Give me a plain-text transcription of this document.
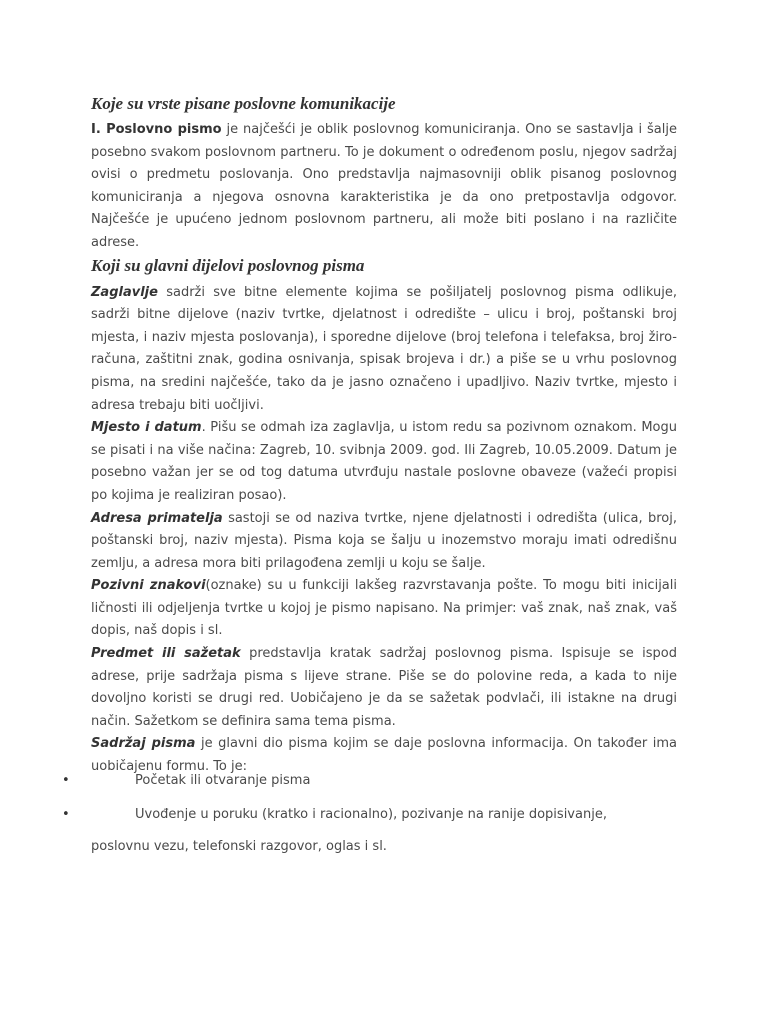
Koje su vrste pisane poslovne komunikacije

I. Poslovno pismo je najčešći je oblik poslovnog komuniciranja. Ono se sastavlja i šalje posebno svakom poslovnom partneru. To je dokument o određenom poslu, njegov sadržaj ovisi o predmetu poslovanja. Ono predstavlja najmasovniji oblik pisanog poslovnog komuniciranja a njegova osnovna karakteristika je da ono pretpostavlja odgovor. Najčešće je upućeno jednom poslovnom partneru, ali može biti poslano i na različite adrese.

Koji su glavni dijelovi poslovnog pisma

Zaglavlje sadrži sve bitne elemente kojima se pošiljatelj poslovnog pisma odlikuje, sadrži bitne dijelove (naziv tvrtke, djelatnost i odredište – ulicu i broj, poštanski broj mjesta, i naziv mjesta poslovanja), i sporedne dijelove (broj telefona i telefaksa, broj žiro-računa, zaštitni znak, godina osnivanja, spisak brojeva i dr.) a piše se u vrhu poslovnog pisma, na sredini najčešće, tako da je jasno označeno i upadljivo. Naziv tvrtke, mjesto i adresa trebaju biti uočljivi.

Mjesto i datum. Pišu se odmah iza zaglavlja, u istom redu sa pozivnom oznakom. Mogu se pisati i na više načina: Zagreb, 10. svibnja 2009. god. Ili Zagreb, 10.05.2009. Datum je posebno važan jer se od tog datuma utvrđuju nastale poslovne obaveze (važeći propisi po kojima je realiziran posao).

Adresa primatelja sastoji se od naziva tvrtke, njene djelatnosti i odredišta (ulica, broj, poštanski broj, naziv mjesta). Pisma koja se šalju u inozemstvo moraju imati odredišnu zemlju, a adresa mora biti prilagođena zemlji u koju se šalje.

Pozivni znakovi(oznake) su u funkciji lakšeg razvrstavanja pošte. To mogu biti inicijali ličnosti ili odjeljenja tvrtke u kojoj je pismo napisano. Na primjer: vaš znak, naš znak, vaš dopis, naš dopis i sl.

Predmet ili sažetak predstavlja kratak sadržaj poslovnog pisma. Ispisuje se ispod adrese, prije sadržaja pisma s lijeve strane. Piše se do polovine reda, a kada to nije dovoljno koristi se drugi red. Uobičajeno je da se sažetak podvlači, ili istakne na drugi način. Sažetkom se definira sama tema pisma.

Sadržaj pisma je glavni dio pisma kojim se daje poslovna informacija. On također ima uobičajenu formu. To je:

•	Početak ili otvaranje pisma
•	Uvođenje u poruku (kratko i racionalno), pozivanje na ranije dopisivanje,
poslovnu vezu, telefonski razgovor, oglas i sl.
